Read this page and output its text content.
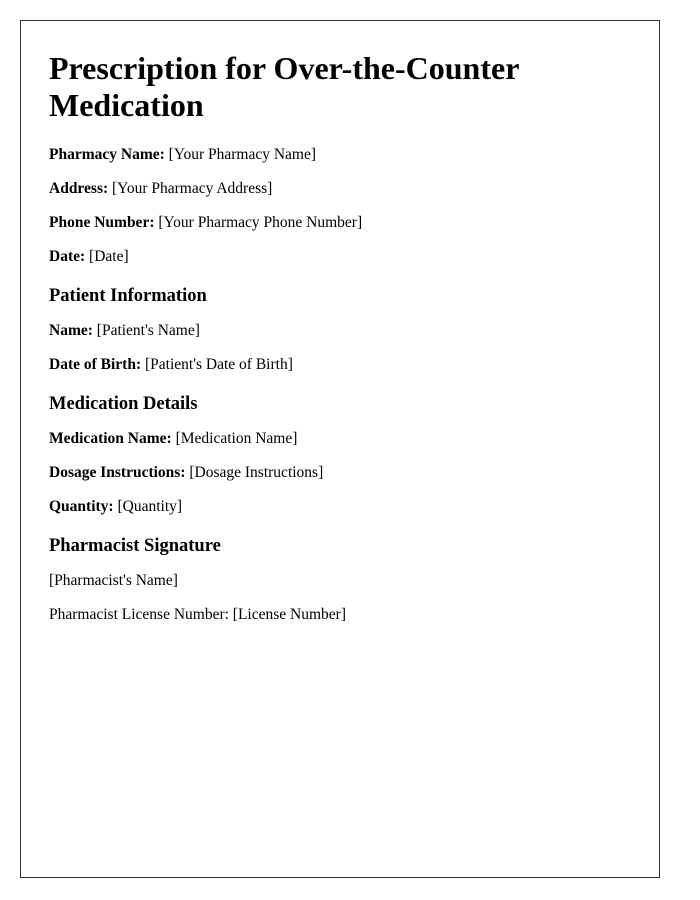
Prescription for Over-the-Counter Medication

Pharmacy Name: [Your Pharmacy Name]

Address: [Your Pharmacy Address]

Phone Number: [Your Pharmacy Phone Number]

Date: [Date]

Patient Information

Name: [Patient's Name]

Date of Birth: [Patient's Date of Birth]

Medication Details

Medication Name: [Medication Name]

Dosage Instructions: [Dosage Instructions]

Quantity: [Quantity]

Pharmacist Signature

[Pharmacist's Name]

Pharmacist License Number: [License Number]
